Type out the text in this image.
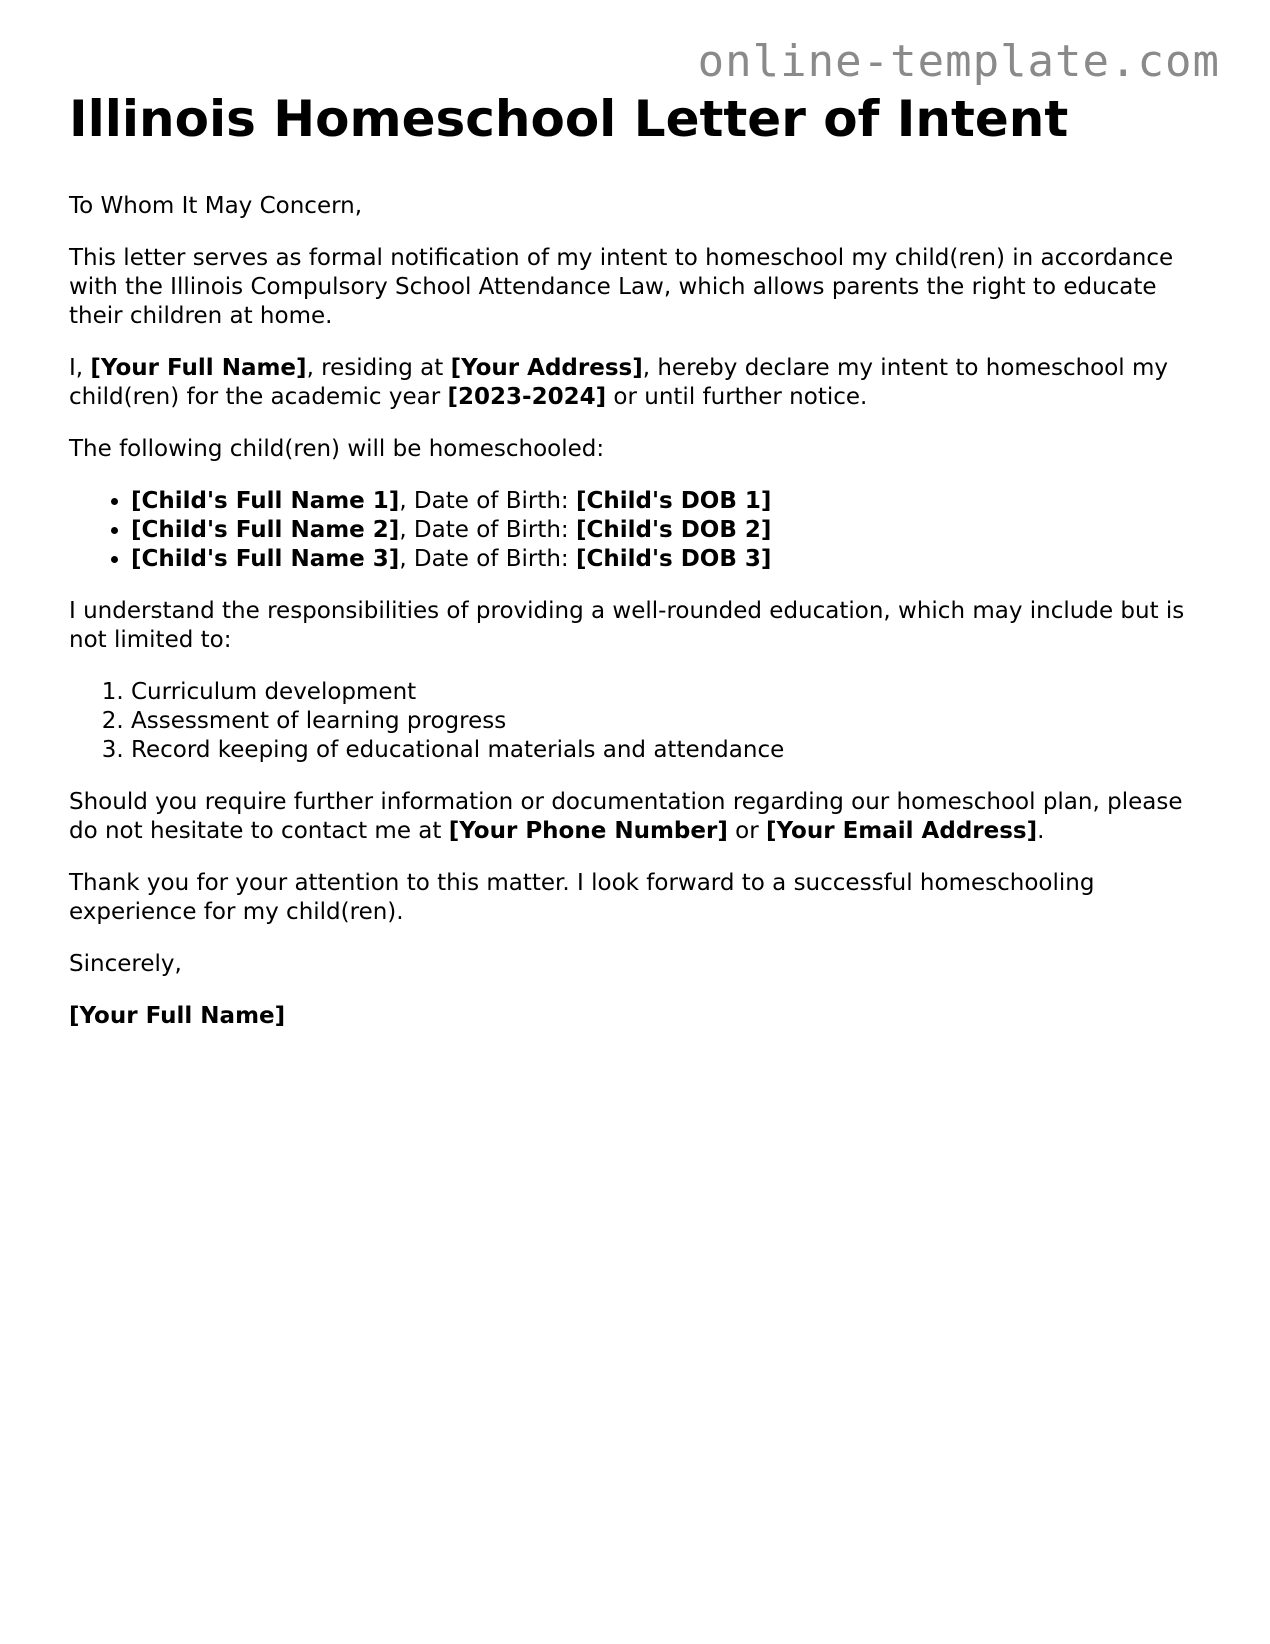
online-template.com
Illinois Homeschool Letter of Intent

To Whom It May Concern,

This letter serves as formal notification of my intent to homeschool my child(ren) in accordance with the Illinois Compulsory School Attendance Law, which allows parents the right to educate their children at home.

I, [Your Full Name], residing at [Your Address], hereby declare my intent to homeschool my child(ren) for the academic year [2023-2024] or until further notice.

The following child(ren) will be homeschooled:

• [Child's Full Name 1], Date of Birth: [Child's DOB 1]
• [Child's Full Name 2], Date of Birth: [Child's DOB 2]
• [Child's Full Name 3], Date of Birth: [Child's DOB 3]

I understand the responsibilities of providing a well-rounded education, which may include but is not limited to:

1. Curriculum development
2. Assessment of learning progress
3. Record keeping of educational materials and attendance

Should you require further information or documentation regarding our homeschool plan, please do not hesitate to contact me at [Your Phone Number] or [Your Email Address].

Thank you for your attention to this matter. I look forward to a successful homeschooling experience for my child(ren).

Sincerely,

[Your Full Name]
